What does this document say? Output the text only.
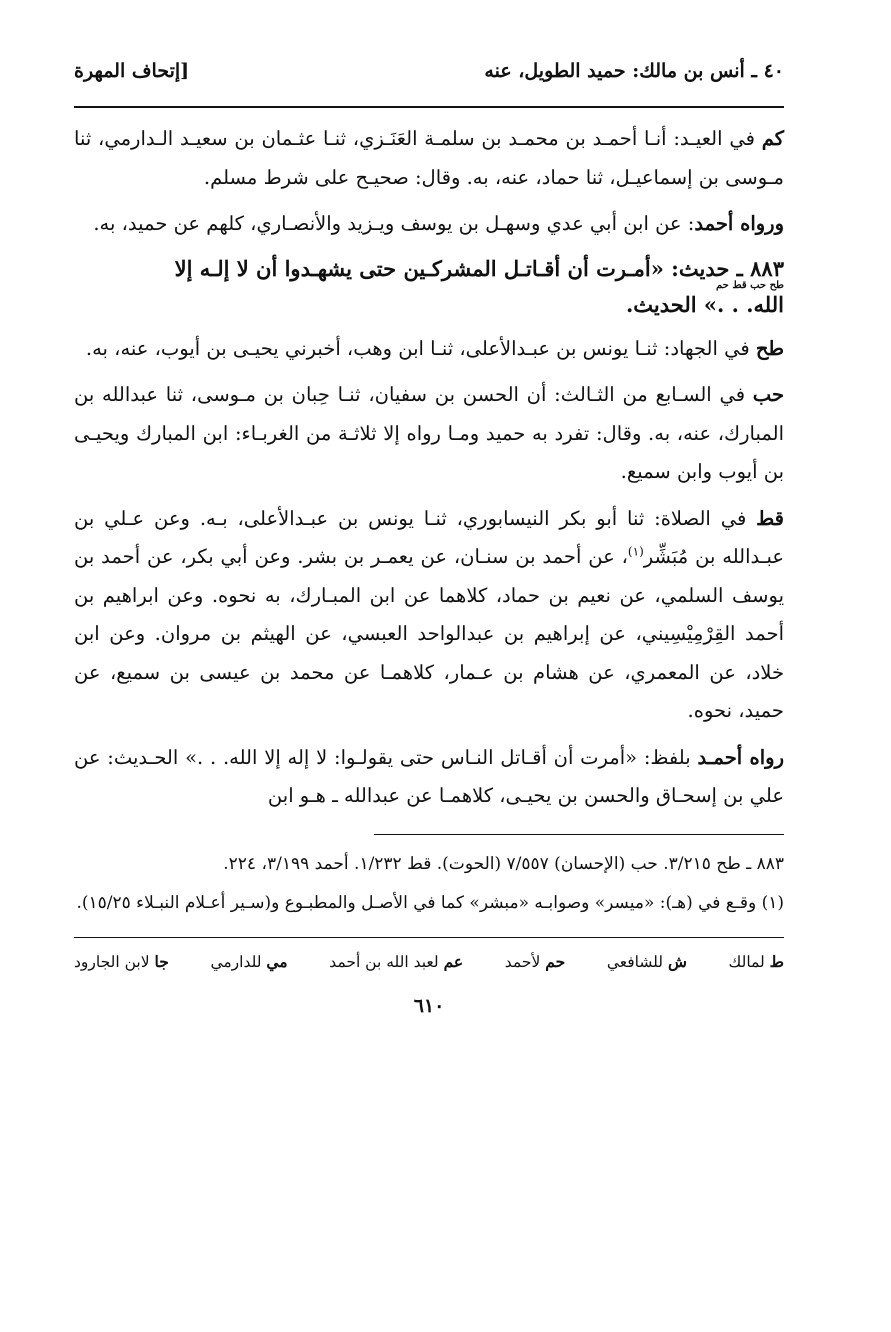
٤٠ ـ أنس بن مالك: حميد الطويل، عنه
[إتحاف المهرة

كم في العيـد: أنـا أحمـد بن محمـد بن سلمـة العَنَـزي، ثنـا عثـمان بن سعيـد الـدارمي، ثنا مـوسى بن إسماعيـل، ثنا حماد، عنه، به. وقال: صحيـح على شرط مسلم.

ورواه أحمد: عن ابن أبي عدي وسهـل بن يوسف ويـزيد والأنصـاري، كلهم عن حميد، به.

٨٨٣ ـ حديث: «أمـرت أن أقـاتـل المشركـين حتى يشهـدوا أن لا إلـه إلا
طح حب قط حم
الله. . .» الحديث.

طح في الجهاد: ثنـا يونس بن عبـدالأعلى، ثنـا ابن وهب، أخبرني يحيـى بن أيوب، عنه، به.

حب في السـابع من الثـالث: أن الحسن بن سفيان، ثنـا حِبان بن مـوسى، ثنا عبدالله بن المبارك، عنه، به. وقال: تفرد به حميد ومـا رواه إلا ثلاثـة من الغربـاء: ابن المبارك ويحيـى بن أيوب وابن سميع.

قط في الصلاة: ثنا أبو بكر النيسابوري، ثنـا يونس بن عبـدالأعلى، بـه. وعن عـلي بن عبـدالله بن مُبَشِّر$^{(١)}$، عن أحمد بن سنـان، عن يعمـر بن بشر. وعن أبي بكر، عن أحمد بن يوسف السلمي، عن نعيم بن حماد، كلاهما عن ابن المبـارك، به نحوه. وعن ابراهيم بن أحمد القِرْمِيْسِيني، عن إبراهيم بن عبدالواحد العبسي، عن الهيثم بن مروان. وعن ابن خلاد، عن المعمري، عن هشام بن عـمار، كلاهمـا عن محمد بن عيسى بن سميع، عن حميد، نحوه.

رواه أحمـد بلفظ: «أمرت أن أقـاتل النـاس حتى يقولـوا: لا إله إلا الله. . .» الحـديث: عن علي بن إسحـاق والحسن بن يحيـى، كلاهمـا عن عبدالله ـ هـو ابن

٨٨٣ ـ طح ٣/٢١٥. حب (الإحسان) ٧/٥٥٧ (الحوت). قط ١/٢٣٢. أحمد ٣/١٩٩، ٢٢٤.

(١) وقـع في (هـ): «ميسر» وصوابـه «مبشر» كما في الأصـل والمطبـوع و(سـير أعـلام النبـلاء ١٥/٢٥).

ط لمالك
ش للشافعي
حم لأحمد
عم لعبد الله بن أحمد
مي للدارمي
جا لابن الجارود
٦١٠
